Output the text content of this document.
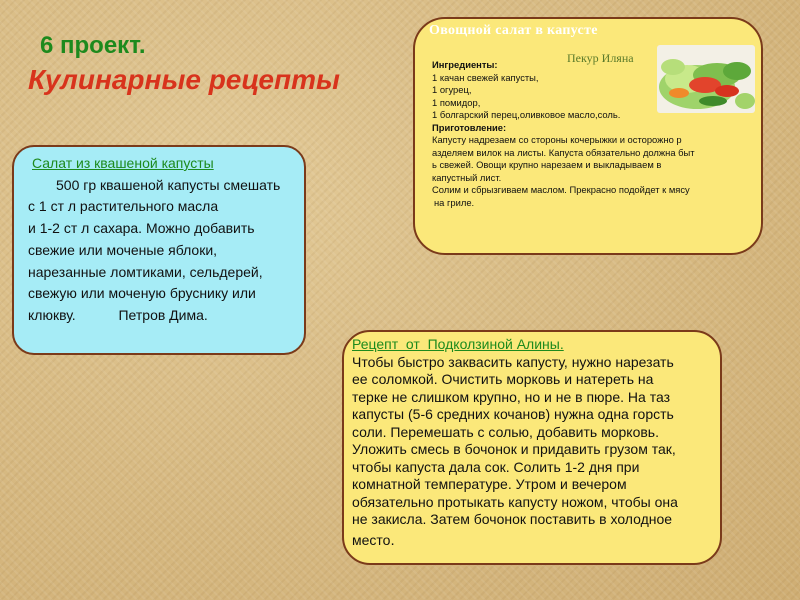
6 проект.
Кулинарные рецепты

Салат из квашеной капусты

500 гр квашеной капусты смешать

с 1 ст л растительного масла

и 1-2 ст л сахара. Можно добавить

свежие или моченые яблоки,

нарезанные ломтиками, сельдерей,

свежую или моченую бруснику или

клюкву.           Петров Дима.

Овощной салат в капусте
Пекур Иляна

Ингредиенты:

1 качан свежей капусты,

1 огурец,

1 помидор,

1 болгарский перец,оливковое масло,соль.

Приготовление:

Капусту надрезаем со стороны кочерыжки и осторожно р

азделяем вилок на листы. Капуста обязательно должна быт

ь свежей. Овощи крупно нарезаем и выкладываем в

капустный лист.

Солим и сбрызгиваем маслом. Прекрасно подойдет к мясу

на гриле.

Рецепт  от  Подколзиной Алины.

Чтобы быстро заквасить капусту, нужно нарезать

ее соломкой. Очистить морковь и натереть на

терке не слишком крупно, но и не в пюре. На таз

капусты (5-6 средних кочанов) нужна одна горсть

соли. Перемешать с солью, добавить морковь.

Уложить смесь в бочонок и придавить грузом так,

чтобы капуста дала сок. Солить 1-2 дня при

комнатной температуре. Утром и вечером

обязательно протыкать капусту ножом, чтобы она

не закисла. Затем бочонок поставить в холодное

место.
